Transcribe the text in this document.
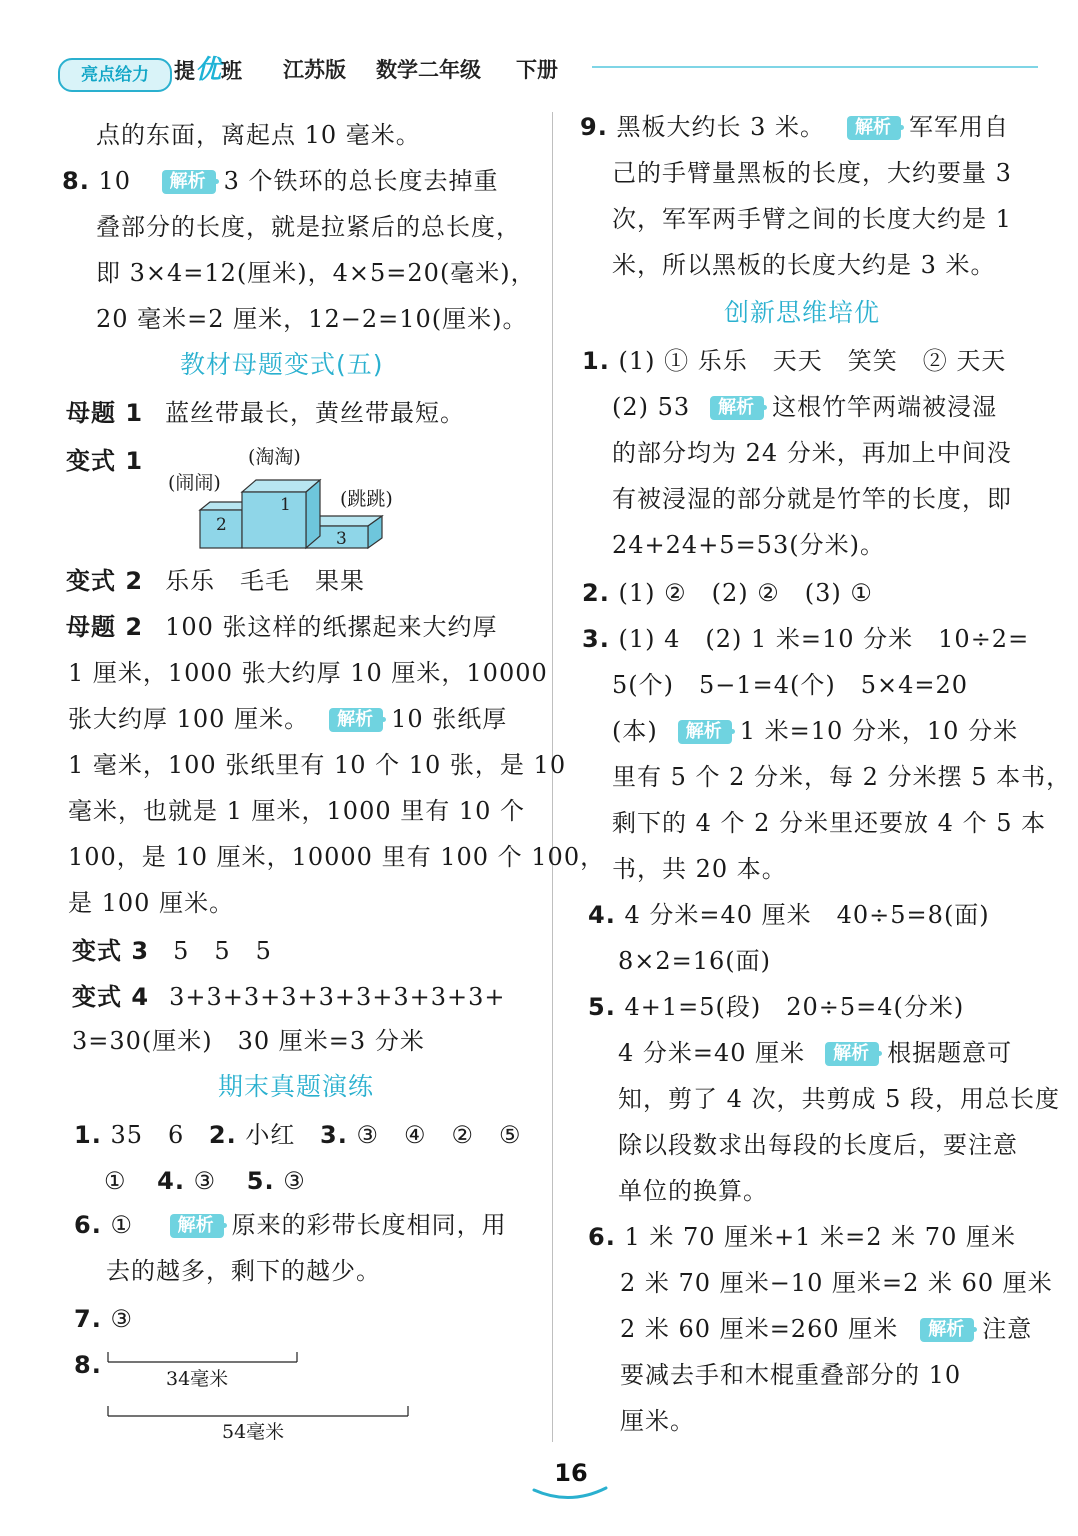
亮点给力	提优班 江苏版 数学二年级 下册
点的东面，离起点 10 毫米。
8. 10 解析 3 个铁环的总长度去掉重
叠部分的长度，就是拉紧后的总长度，
即 3×4=12(厘米)，4×5=20(毫米)，
20 毫米=2 厘米，12−2=10(厘米)。
教材母题变式(五)
母题 1 蓝丝带最长，黄丝带最短。
变式 1	(淘淘)
(闹闹)
(跳跳)
1
2
3
变式 2 乐乐　毛毛　果果
母题 2 100 张这样的纸摞起来大约厚
1 厘米，1000 张大约厚 10 厘米，10000
张大约厚 100 厘米。 解析 10 张纸厚
1 毫米，100 张纸里有 10 个 10 张，是 10
毫米，也就是 1 厘米，1000 里有 10 个
100，是 10 厘米，10000 里有 100 个 100，
是 100 厘米。
变式 3 5　5　5
变式 4 3+3+3+3+3+3+3+3+3+
3=30(厘米)　30 厘米=3 分米
期末真题演练
1. 35　6 2. 小红 3. ③　④　②　⑤
① 4. ③ 5. ③
6. ① 解析 原来的彩带长度相同，用
去的越多，剩下的越少。
7. ③
8.	34毫米
54毫米
9. 黑板大约长 3 米。 解析 军军用自
己的手臂量黑板的长度，大约要量 3
次，军军两手臂之间的长度大约是 1
米，所以黑板的长度大约是 3 米。
创新思维培优
1. (1) ① 乐乐　天天　笑笑　② 天天
(2) 53 解析 这根竹竿两端被浸湿
的部分均为 24 分米，再加上中间没
有被浸湿的部分就是竹竿的长度，即
24+24+5=53(分米)。
2. (1) ②　(2) ②　(3) ①
3. (1) 4　(2) 1 米=10 分米　10÷2=
5(个)　5−1=4(个)　5×4=20
(本) 解析 1 米=10 分米，10 分米
里有 5 个 2 分米，每 2 分米摆 5 本书，
剩下的 4 个 2 分米里还要放 4 个 5 本
书，共 20 本。
4. 4 分米=40 厘米　40÷5=8(面)
8×2=16(面)
5. 4+1=5(段)　20÷5=4(分米)
4 分米=40 厘米 解析 根据题意可
知，剪了 4 次，共剪成 5 段，用总长度
除以段数求出每段的长度后，要注意
单位的换算。
6. 1 米 70 厘米+1 米=2 米 70 厘米
2 米 70 厘米−10 厘米=2 米 60 厘米
2 米 60 厘米=260 厘米 解析 注意
要减去手和木棍重叠部分的 10
厘米。
16
